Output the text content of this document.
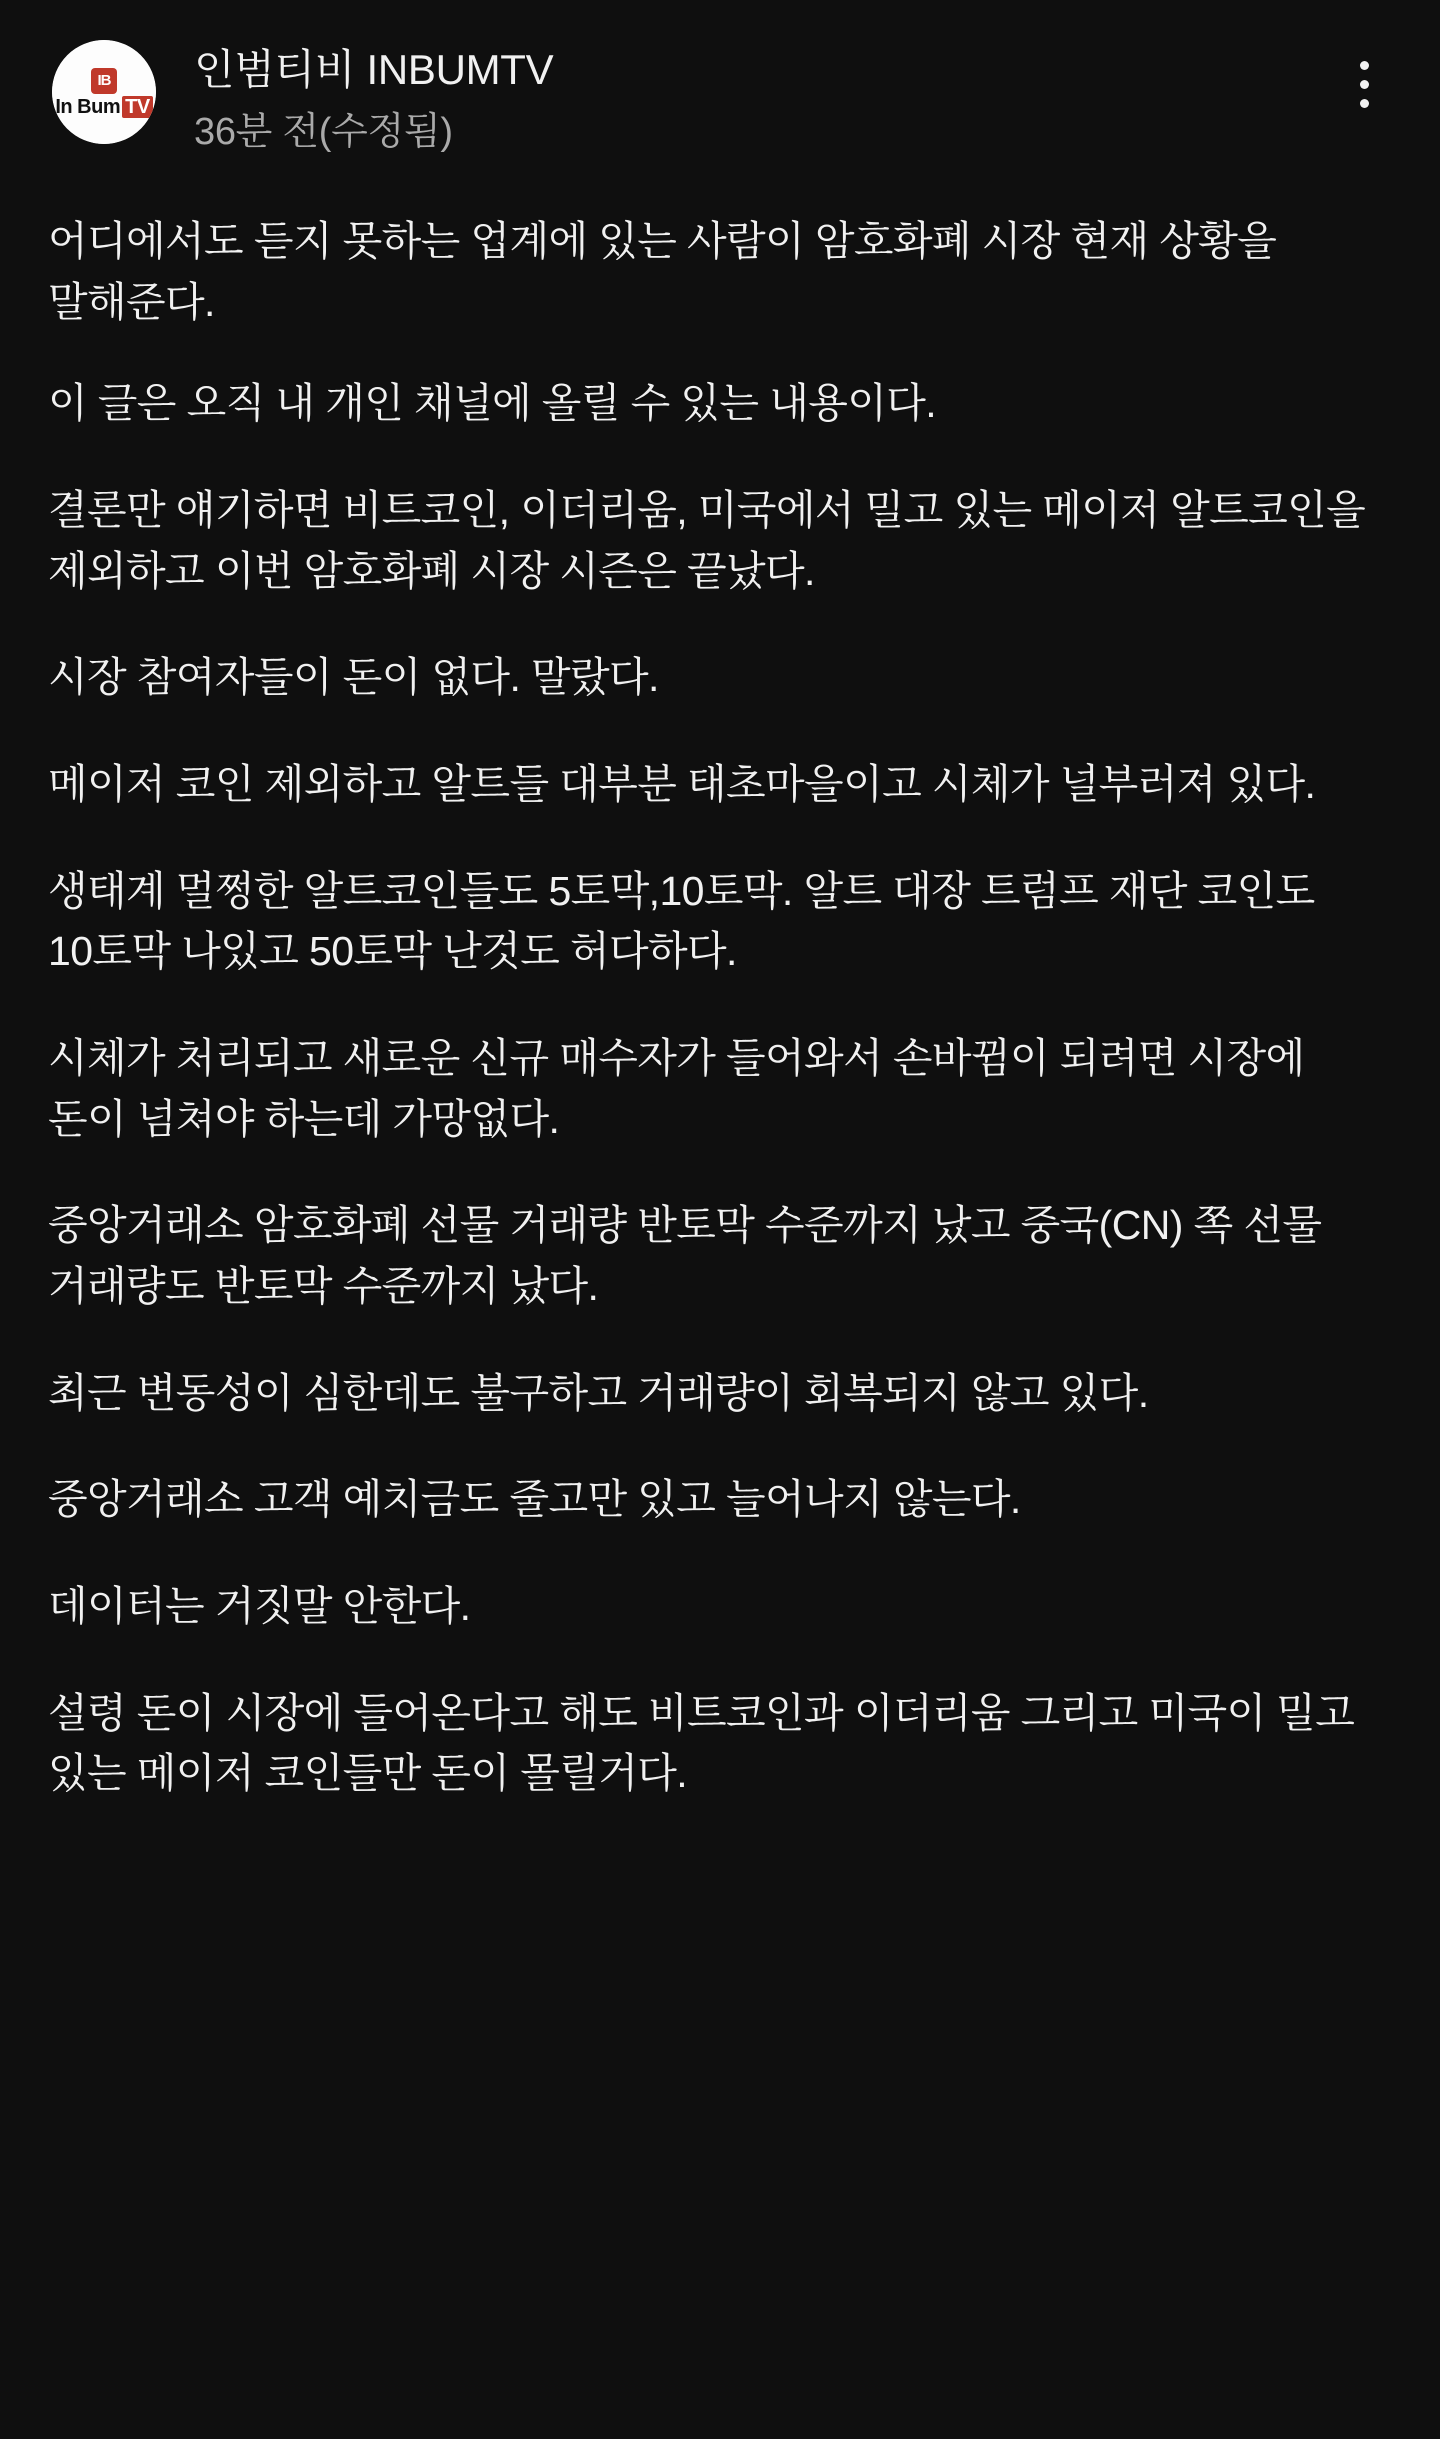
IB
In Bum TV
인범티비 INBUMTV
36분 전(수정됨)

어디에서도 듣지 못하는 업계에 있는 사람이 암호화폐 시장 현재 상황을 말해준다.

이 글은 오직 내 개인 채널에 올릴 수 있는 내용이다.

결론만 얘기하면 비트코인, 이더리움, 미국에서 밀고 있는 메이저 알트코인을 제외하고 이번 암호화폐 시장 시즌은 끝났다.

시장 참여자들이 돈이 없다. 말랐다.

메이저 코인 제외하고 알트들 대부분 태초마을이고 시체가 널부러져 있다.

생태계 멀쩡한 알트코인들도 5토막,10토막. 알트 대장 트럼프 재단 코인도 10토막 나있고 50토막 난것도 허다하다.

시체가 처리되고 새로운 신규 매수자가 들어와서 손바뀜이 되려면 시장에 돈이 넘쳐야 하는데 가망없다.

중앙거래소 암호화폐 선물 거래량 반토막 수준까지 났고 중국(CN) 쪽 선물 거래량도 반토막 수준까지 났다.

최근 변동성이 심한데도 불구하고 거래량이 회복되지 않고 있다.

중앙거래소 고객 예치금도 줄고만 있고 늘어나지 않는다.

데이터는 거짓말 안한다.

설령 돈이 시장에 들어온다고 해도 비트코인과 이더리움 그리고 미국이 밀고 있는 메이저 코인들만 돈이 몰릴거다.
